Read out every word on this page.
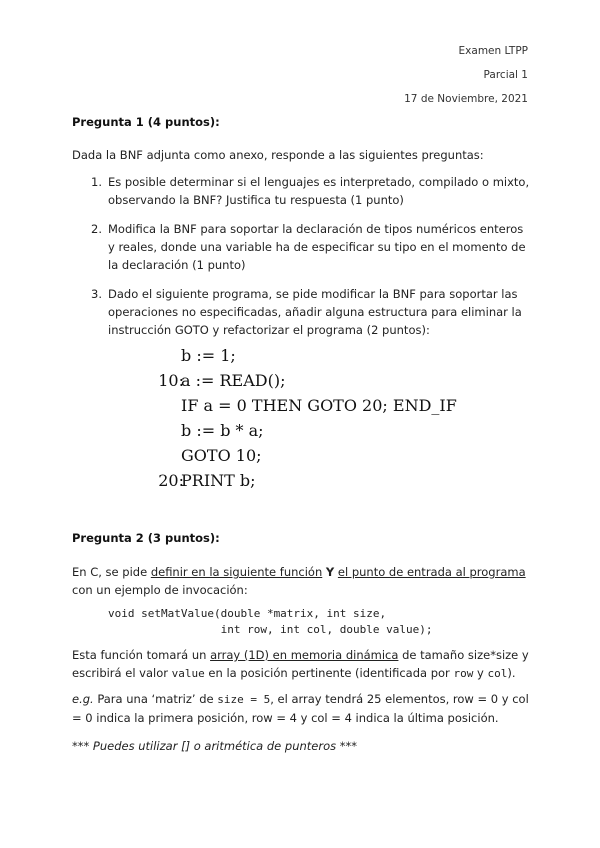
Examen LTPP
Parcial 1
17 de Noviembre, 2021
Pregunta 1 (4 puntos):
Dada la BNF adjunta como anexo, responde a las siguientes preguntas:
1. Es posible determinar si el lenguajes es interpretado, compilado o mixto, observando la BNF? Justifica tu respuesta (1 punto)
2. Modifica la BNF para soportar la declaración de tipos numéricos enteros y reales, donde una variable ha de especificar su tipo en el momento de la declaración (1 punto)
3. Dado el siguiente programa, se pide modificar la BNF para soportar las operaciones no especificadas, añadir alguna estructura para eliminar la instrucción GOTO y refactorizar el programa (2 puntos):
b := 1;
10:
a := READ();
IF a = 0 THEN GOTO 20; END_IF
b := b * a;
GOTO 10;
20:
PRINT b;
Pregunta 2 (3 puntos):
En C, se pide definir en la siguiente función Y el punto de entrada al programa con un ejemplo de invocación:
void setMatValue(double *matrix, int size,
int row, int col, double value);
Esta función tomará un array (1D) en memoria dinámica de tamaño size*size y escribirá el valor value en la posición pertinente (identificada por row y col).
e.g. Para una ‘matriz’ de size = 5, el array tendrá 25 elementos, row = 0 y col = 0 indica la primera posición, row = 4 y col = 4 indica la última posición.
*** Puedes utilizar [] o aritmética de punteros ***
